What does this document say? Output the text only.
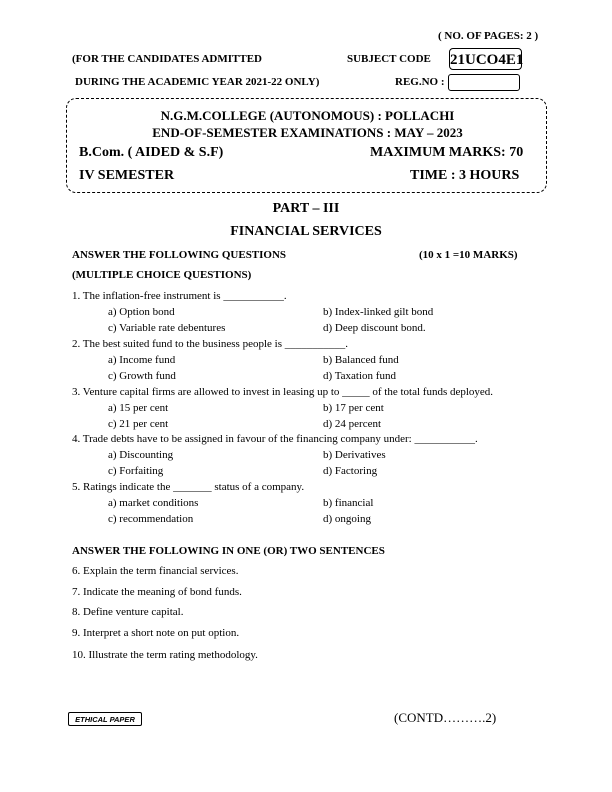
( NO. OF PAGES: 2 )
(FOR THE CANDIDATES ADMITTED	SUBJECT CODE 21UCO4E1
DURING THE ACADEMIC YEAR 2021-22 ONLY)	REG.NO :
N.G.M.COLLEGE (AUTONOMOUS) : POLLACHI
END-OF-SEMESTER EXAMINATIONS : MAY – 2023
B.Com. ( AIDED & S.F)	MAXIMUM MARKS: 70
IV SEMESTER	TIME : 3 HOURS
PART – III
FINANCIAL SERVICES
ANSWER THE FOLLOWING QUESTIONS	(10 x 1 =10 MARKS)
(MULTIPLE CHOICE QUESTIONS)
1. The inflation-free instrument is ___________.
a) Option bond	b) Index-linked gilt bond
c) Variable rate debentures	d) Deep discount bond.
2. The best suited fund to the business people is ___________.
a) Income fund	b) Balanced fund
c) Growth fund	d) Taxation fund
3. Venture capital firms are allowed to invest in leasing up to _____ of the total funds deployed.
a) 15 per cent	b) 17 per cent
c) 21 per cent	d) 24 percent
4. Trade debts have to be assigned in favour of the financing company under: ___________.
a) Discounting	b) Derivatives
c) Forfaiting	d) Factoring
5. Ratings indicate the _______ status of a company.
a) market conditions	b) financial
c) recommendation	d) ongoing
ANSWER THE FOLLOWING IN ONE (OR) TWO SENTENCES
6. Explain the term financial services.
7. Indicate the meaning of bond funds.
8. Define venture capital.
9. Interpret a short note on put option.
10. Illustrate the term rating methodology.
ETHICAL PAPER	(CONTD……….2)
